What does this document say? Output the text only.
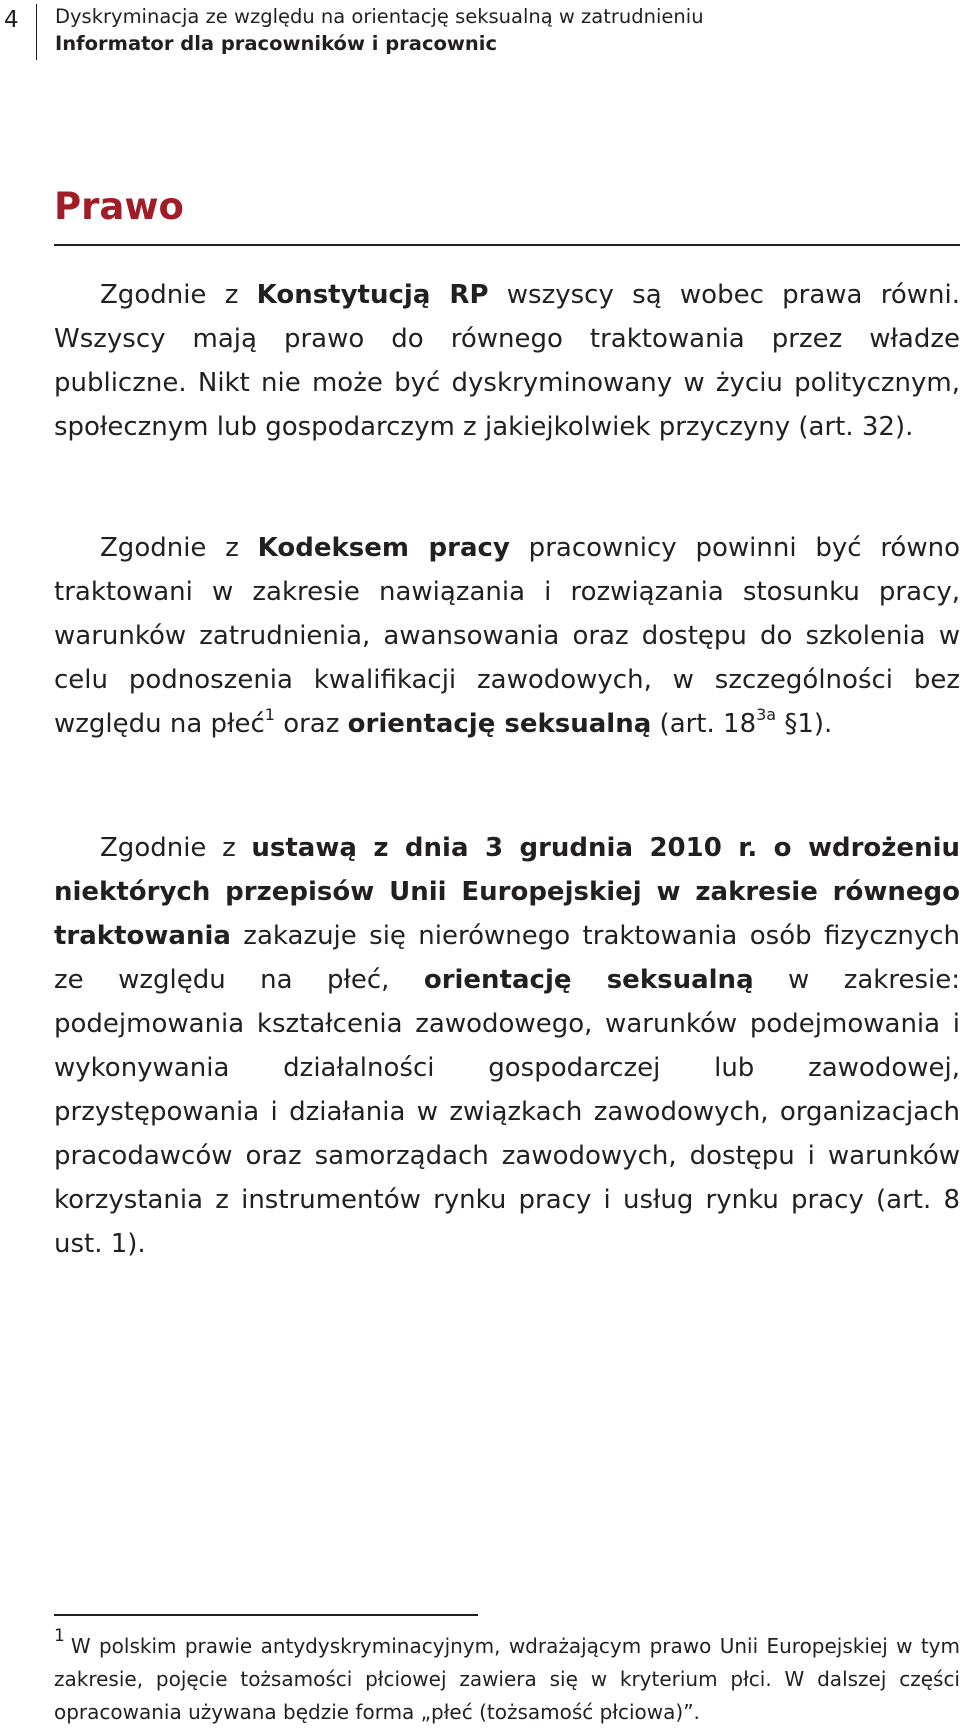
4	Dyskryminacja ze względu na orientację seksualną w zatrudnieniu
Informator dla pracowników i pracownic
Prawo

Zgodnie z Konstytucją RP wszyscy są wobec prawa równi. Wszyscy mają prawo do równego traktowania przez władze publiczne. Nikt nie może być dyskryminowany w życiu politycznym, społecznym lub gospodarczym z jakiejkolwiek przyczyny (art. 32).

Zgodnie z Kodeksem pracy pracownicy powinni być równo traktowani w zakresie nawiązania i rozwiązania stosunku pracy, warunków zatrudnienia, awansowania oraz dostępu do szkolenia w celu podnoszenia kwalifikacji zawodowych, w szczególności bez względu na płeć$^1$ oraz orientację seksualną (art. $18^{3a}$ §1).

Zgodnie z ustawą z dnia 3 grudnia 2010 r. o wdrożeniu niektórych przepisów Unii Europejskiej w zakresie równego traktowania zakazuje się nierównego traktowania osób fizycznych ze względu na płeć, orientację seksualną w zakresie: podejmowania kształcenia zawodowego, warunków podejmowania i wykonywania działalności gospodarczej lub zawodowej, przystępowania i działania w związkach zawodowych, organizacjach pracodawców oraz samorządach zawodowych, dostępu i warunków korzystania z instrumentów rynku pracy i usług rynku pracy (art. 8 ust. 1).

$^1$ W polskim prawie antydyskryminacyjnym, wdrażającym prawo Unii Europejskiej w tym zakresie, pojęcie tożsamości płciowej zawiera się w kryterium płci. W dalszej części opracowania używana będzie forma „płeć (tożsamość płciowa)”.
